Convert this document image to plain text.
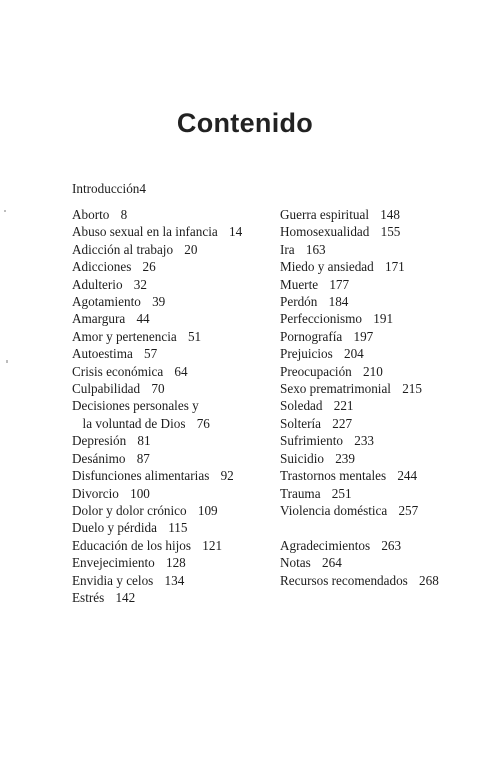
Contenido
Introducción4
Aborto 8
Abuso sexual en la infancia 14
Adicción al trabajo 20
Adicciones 26
Adulterio 32
Agotamiento 39
Amargura 44
Amor y pertenencia 51
Autoestima 57
Crisis económica 64
Culpabilidad 70
Decisiones personales y
la voluntad de Dios 76
Depresión 81
Desánimo 87
Disfunciones alimentarias 92
Divorcio 100
Dolor y dolor crónico 109
Duelo y pérdida 115
Educación de los hijos 121
Envejecimiento 128
Envidia y celos 134
Estrés 142
Guerra espiritual 148
Homosexualidad 155
Ira 163
Miedo y ansiedad 171
Muerte 177
Perdón 184
Perfeccionismo 191
Pornografía 197
Prejuicios 204
Preocupación 210
Sexo prematrimonial 215
Soledad 221
Soltería 227
Sufrimiento 233
Suicidio 239
Trastornos mentales 244
Trauma 251
Violencia doméstica 257
Agradecimientos 263
Notas 264
Recursos recomendados 268
